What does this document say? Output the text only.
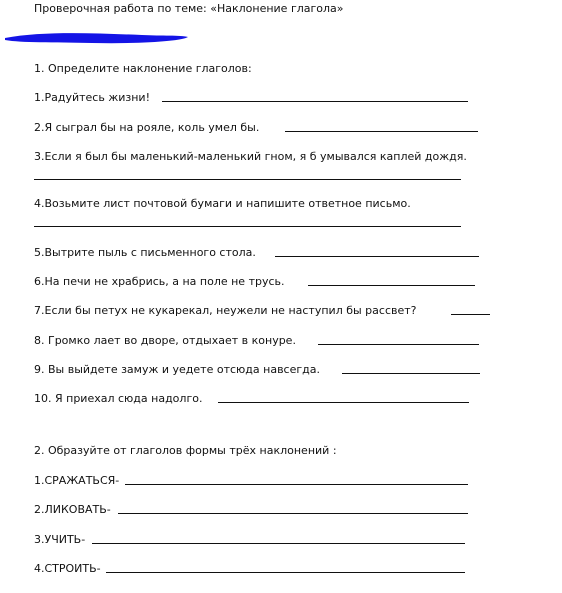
Проверочная работа по теме: «Наклонение глагола»
1. Определите наклонение глаголов:
1.Радуйтесь жизни!
2.Я сыграл бы на рояле, коль умел бы.
3.Если я был бы маленький-маленький гном, я б умывался каплей дождя.
4.Возьмите лист почтовой бумаги и напишите ответное письмо.
5.Вытрите пыль с письменного стола.
6.На печи не храбрись, а на поле не трусь.
7.Если бы петух не кукарекал, неужели не наступил бы рассвет?
8. Громко лает во дворе, отдыхает в конуре.
9. Вы выйдете замуж и уедете отсюда навсегда.
10. Я приехал сюда надолго.
2. Образуйте от глаголов формы трёх наклонений :
1.СРАЖАТЬСЯ-
2.ЛИКОВАТЬ-
3.УЧИТЬ-
4.СТРОИТЬ-
